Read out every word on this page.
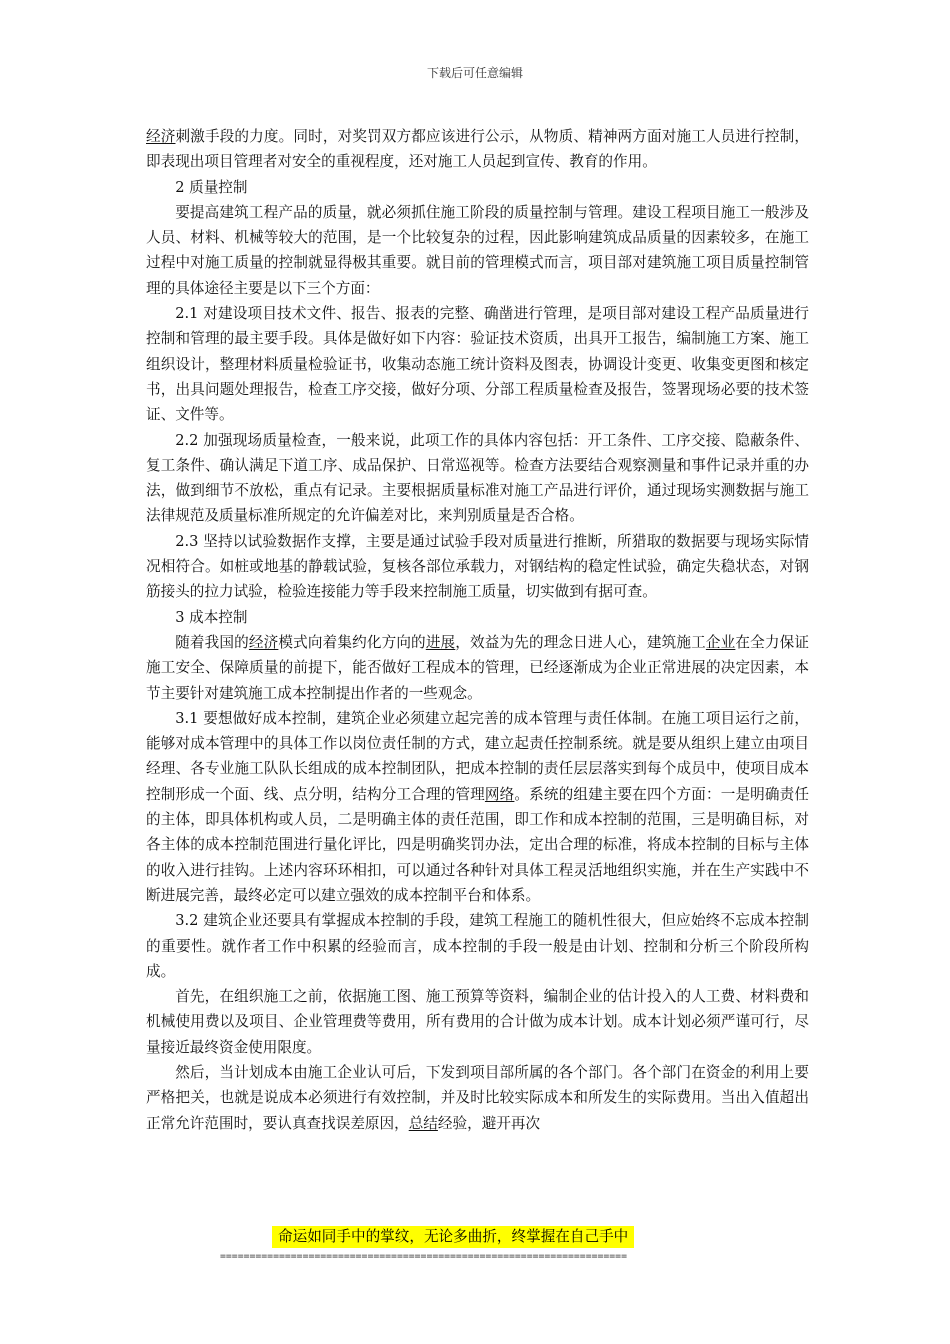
下载后可任意编辑

经济刺激手段的力度。同时，对奖罚双方都应该进行公示，从物质、精神两方面对施工人员进行控制，即表现出项目管理者对安全的重视程度，还对施工人员起到宣传、教育的作用。

2 质量控制

要提高建筑工程产品的质量，就必须抓住施工阶段的质量控制与管理。建设工程项目施工一般涉及人员、材料、机械等较大的范围，是一个比较复杂的过程，因此影响建筑成品质量的因素较多，在施工过程中对施工质量的控制就显得极其重要。就目前的管理模式而言，项目部对建筑施工项目质量控制管理的具体途径主要是以下三个方面：

2.1 对建设项目技术文件、报告、报表的完整、确凿进行管理，是项目部对建设工程产品质量进行控制和管理的最主要手段。具体是做好如下内容：验证技术资质，出具开工报告，编制施工方案、施工组织设计，整理材料质量检验证书，收集动态施工统计资料及图表，协调设计变更、收集变更图和核定书，出具问题处理报告，检查工序交接，做好分项、分部工程质量检查及报告，签署现场必要的技术签证、文件等。

2.2 加强现场质量检查，一般来说，此项工作的具体内容包括：开工条件、工序交接、隐蔽条件、复工条件、确认满足下道工序、成品保护、日常巡视等。检查方法要结合观察测量和事件记录并重的办法，做到细节不放松，重点有记录。主要根据质量标准对施工产品进行评价，通过现场实测数据与施工法律规范及质量标准所规定的允许偏差对比，来判别质量是否合格。

2.3 坚持以试验数据作支撑，主要是通过试验手段对质量进行推断，所猎取的数据要与现场实际情况相符合。如桩或地基的静载试验，复核各部位承载力，对钢结构的稳定性试验，确定失稳状态，对钢筋接头的拉力试验，检验连接能力等手段来控制施工质量，切实做到有据可查。

3 成本控制

随着我国的经济模式向着集约化方向的进展，效益为先的理念日进人心，建筑施工企业在全力保证施工安全、保障质量的前提下，能否做好工程成本的管理，已经逐渐成为企业正常进展的决定因素，本节主要针对建筑施工成本控制提出作者的一些观念。

3.1 要想做好成本控制，建筑企业必须建立起完善的成本管理与责任体制。在施工项目运行之前，能够对成本管理中的具体工作以岗位责任制的方式，建立起责任控制系统。就是要从组织上建立由项目经理、各专业施工队队长组成的成本控制团队，把成本控制的责任层层落实到每个成员中，使项目成本控制形成一个面、线、点分明，结构分工合理的管理网络。系统的组建主要在四个方面：一是明确责任的主体，即具体机构或人员，二是明确主体的责任范围，即工作和成本控制的范围，三是明确目标，对各主体的成本控制范围进行量化评比，四是明确奖罚办法，定出合理的标准，将成本控制的目标与主体的收入进行挂钩。上述内容环环相扣，可以通过各种针对具体工程灵活地组织实施，并在生产实践中不断进展完善，最终必定可以建立强效的成本控制平台和体系。

3.2 建筑企业还要具有掌握成本控制的手段，建筑工程施工的随机性很大，但应始终不忘成本控制的重要性。就作者工作中积累的经验而言，成本控制的手段一般是由计划、控制和分析三个阶段所构成。

首先，在组织施工之前，依据施工图、施工预算等资料，编制企业的估计投入的人工费、材料费和机械使用费以及项目、企业管理费等费用，所有费用的合计做为成本计划。成本计划必须严谨可行，尽量接近最终资金使用限度。

然后，当计划成本由施工企业认可后，下发到项目部所属的各个部门。各个部门在资金的利用上要严格把关，也就是说成本必须进行有效控制，并及时比较实际成本和所发生的实际费用。当出入值超出正常允许范围时，要认真查找误差原因，总结经验，避开再次

命运如同手中的掌纹，无论多曲折，终掌握在自己手中
=====================================================================
